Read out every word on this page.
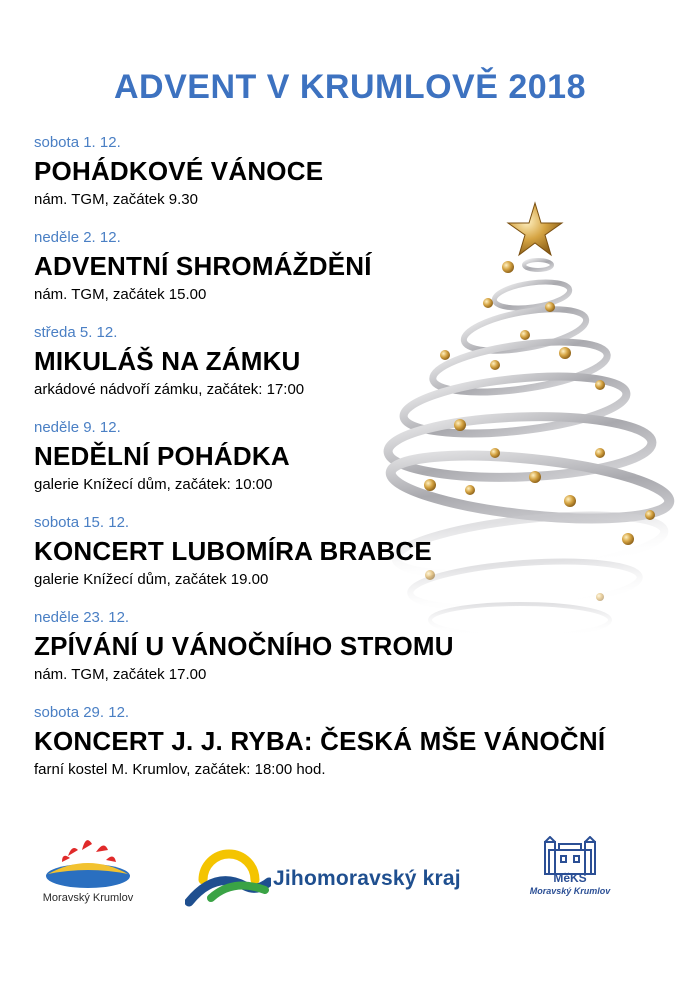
ADVENT V KRUMLOVĚ 2018
sobota 1. 12.
POHÁDKOVÉ VÁNOCE
nám. TGM, začátek 9.30
neděle 2. 12.
ADVENTNÍ SHROMÁŽDĚNÍ
nám. TGM, začátek 15.00
středa 5. 12.
MIKULÁŠ NA ZÁMKU
arkádové nádvoří zámku, začátek: 17:00
neděle 9. 12.
NEDĚLNÍ POHÁDKA
galerie Knížecí dům, začátek: 10:00
sobota 15. 12.
KONCERT LUBOMÍRA BRABCE
galerie Knížecí dům, začátek 19.00
neděle 23. 12.
ZPÍVÁNÍ U VÁNOČNÍHO STROMU
nám. TGM, začátek 17.00
sobota 29. 12.
KONCERT J. J. RYBA: ČESKÁ MŠE VÁNOČNÍ
farní kostel M. Krumlov, začátek: 18:00 hod.
Moravský Krumlov
Jihomoravský kraj	MěKS
Moravský Krumlov
